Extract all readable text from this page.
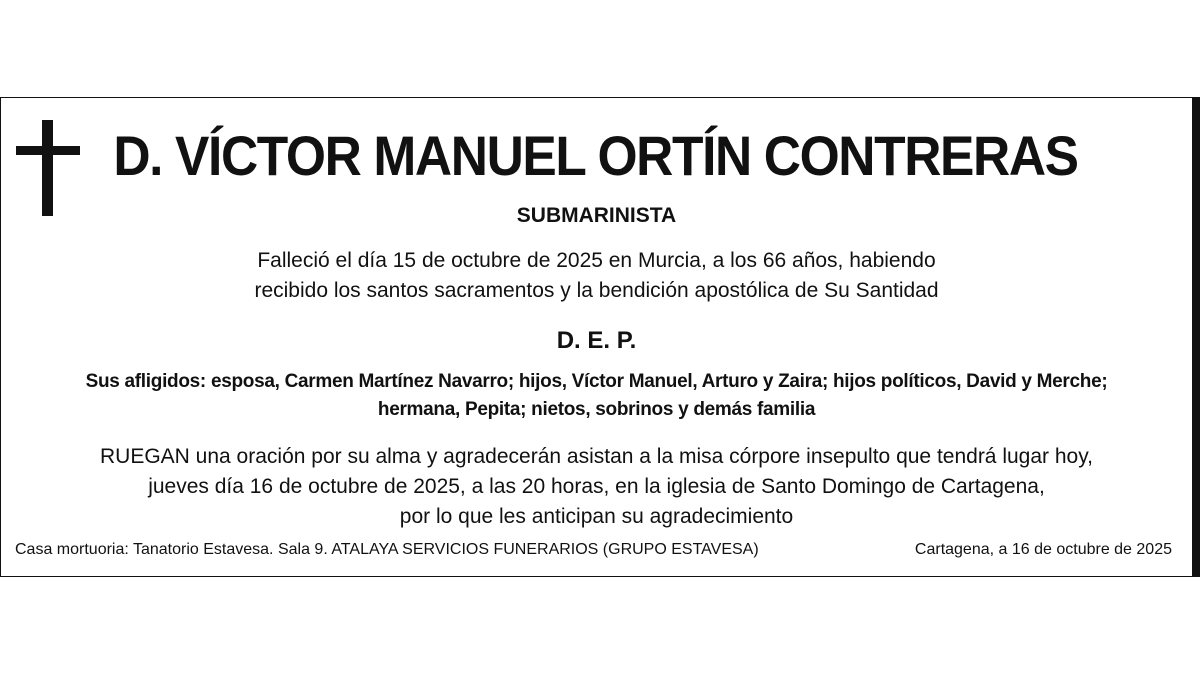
D. VÍCTOR MANUEL ORTÍN CONTRERAS
SUBMARINISTA
Falleció el día 15 de octubre de 2025 en Murcia, a los 66 años, habiendo
recibido los santos sacramentos y la bendición apostólica de Su Santidad
D. E. P.
Sus afligidos: esposa, Carmen Martínez Navarro; hijos, Víctor Manuel, Arturo y Zaira; hijos políticos, David y Merche;
hermana, Pepita; nietos, sobrinos y demás familia
RUEGAN una oración por su alma y agradecerán asistan a la misa córpore insepulto que tendrá lugar hoy,
jueves día 16 de octubre de 2025, a las 20 horas, en la iglesia de Santo Domingo de Cartagena,
por lo que les anticipan su agradecimiento
Casa mortuoria: Tanatorio Estavesa. Sala 9. ATALAYA SERVICIOS FUNERARIOS (GRUPO ESTAVESA)	Cartagena, a 16 de octubre de 2025
